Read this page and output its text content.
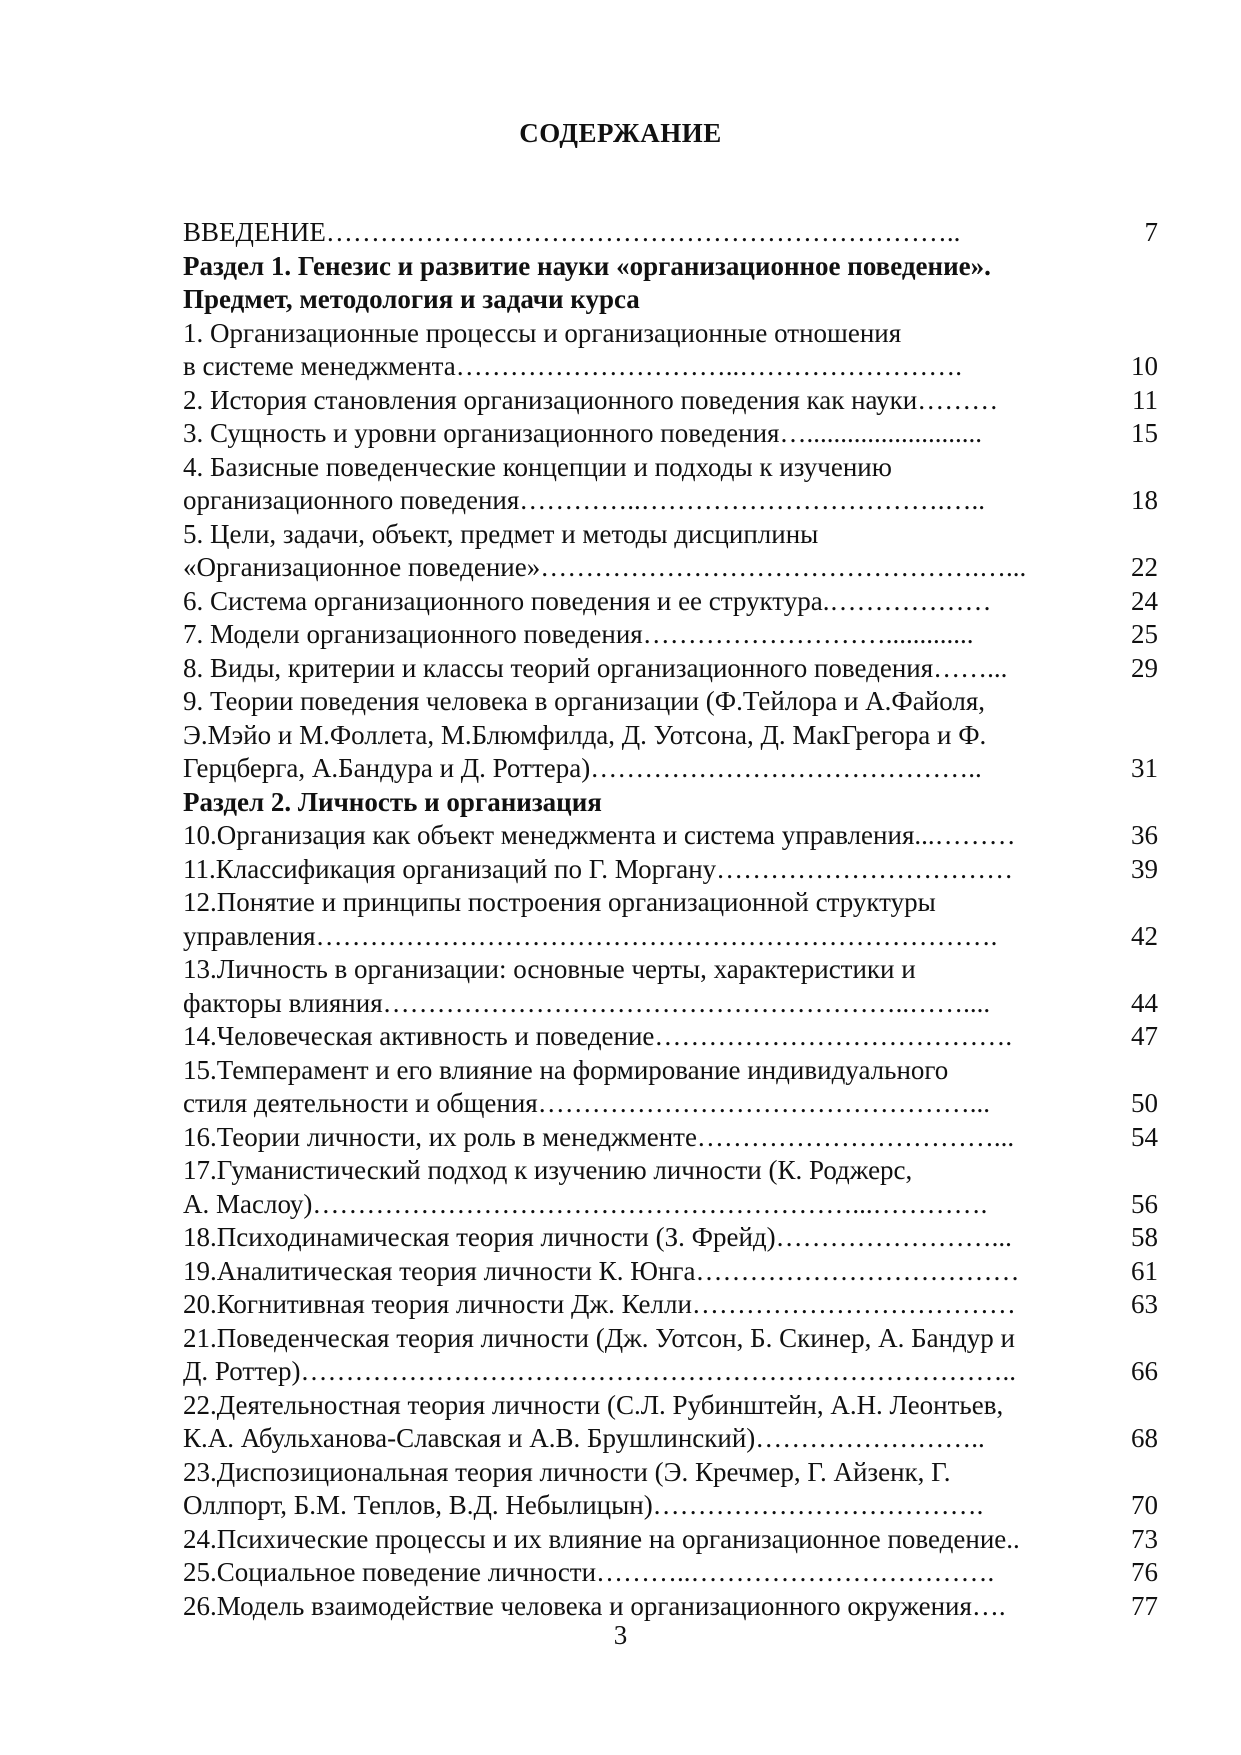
СОДЕРЖАНИЕ
ВВЕДЕНИЕ……………………………………………………………..	7
Раздел 1. Генезис и развитие науки «организационное поведение».
Предмет, методология и задачи курса
1. Организационные процессы и организационные отношения
в системе менеджмента…………………………..…………………….	10
2. История становления организационного поведения как науки………	11
3. Сущность и уровни организационного поведения…..........................	15
4. Базисные поведенческие концепции и подходы к изучению
организационного поведения…………..…………………………….…..	18
5. Цели, задачи, объект, предмет и методы дисциплины
«Организационное поведение»………………………………………….…...	22
6. Система организационного поведения и ее структура.………………	24
7. Модели организационного поведения……………………….............	25
8. Виды, критерии и классы теорий организационного поведения……...	29
9. Теории поведения человека в организации (Ф.Тейлора и А.Файоля,
Э.Мэйо и М.Фоллета, М.Блюмфилда, Д. Уотсона, Д. МакГрегора и Ф.
Герцберга, А.Бандура и Д. Роттера)……………………………………..	31
Раздел 2. Личность и организация
10.Организация как объект менеджмента и система управления...………	36
11.Классификация организаций по Г. Моргану……………………………	39
12.Понятие и принципы построения организационной структуры
управления………………………………………………………………….	42
13.Личность в организации: основные черты, характеристики и
факторы влияния…………………………………………………..……....	44
14.Человеческая активность и поведение………………………………….	47
15.Темперамент и его влияние на формирование индивидуального
стиля деятельности и общения…………………………………………...	50
16.Теории личности, их роль в менеджменте……………………………...	54
17.Гуманистический подход к изучению личности (К. Роджерс,
А. Маслоу)……………………………………………………...………….	56
18.Психодинамическая теория личности (З. Фрейд)……………………...	58
19.Аналитическая теория личности К. Юнга………………………………	61
20.Когнитивная теория личности Дж. Келли………………………………	63
21.Поведенческая теория личности (Дж. Уотсон, Б. Скинер, А. Бандур и
Д. Роттер)……………………………………………………………………..	66
22.Деятельностная теория личности (С.Л. Рубинштейн, А.Н. Леонтьев,
К.А. Абульханова-Славская и А.В. Брушлинский)……………………..	68
23.Диспозициональная теория личности (Э. Кречмер, Г. Айзенк, Г.
Оллпорт, Б.М. Теплов, В.Д. Небылицын)……………………………….	70
24.Психические процессы и их влияние на организационное поведение..	73
25.Социальное поведение личности………..…………………………….	76
26.Модель взаимодействие человека и организационного окружения….	77
3
